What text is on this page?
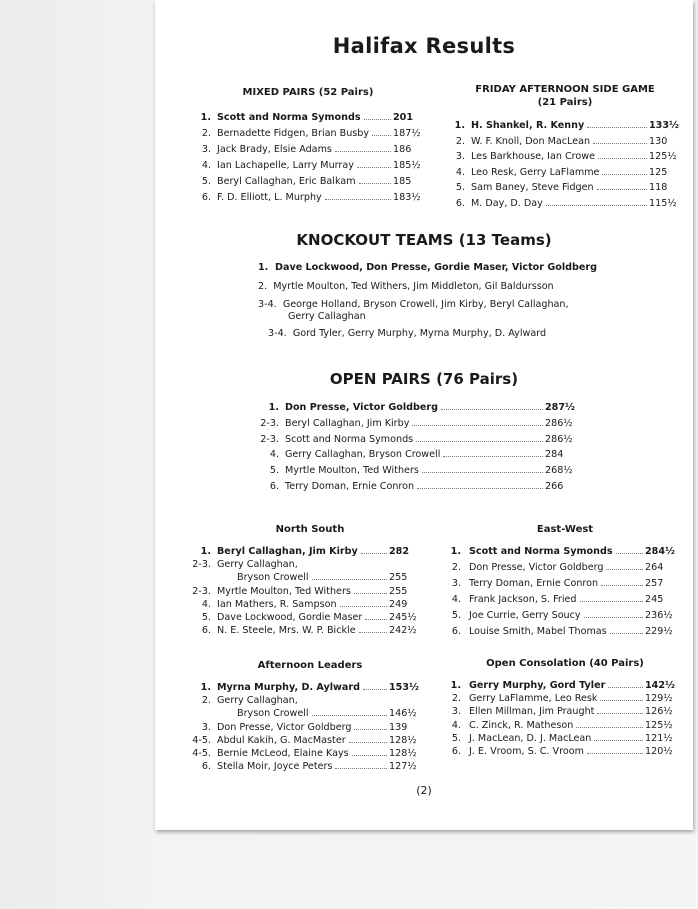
Halifax Results
MIXED PAIRS (52 Pairs)
1. Scott and Norma Symonds	201
2. Bernadette Fidgen, Brian Busby 187½
3. Jack Brady, Elsie Adams	186
4. Ian Lachapelle, Larry Murray	185½
5. Beryl Callaghan, Eric Balkam	185
6. F. D. Elliott, L. Murphy	183½
FRIDAY AFTERNOON SIDE GAME
(21 Pairs)
1. H. Shankel, R. Kenny	133½
2. W. F. Knoll, Don MacLean	130
3. Les Barkhouse, Ian Crowe	125½
4. Leo Resk, Gerry LaFlamme	125
5. Sam Baney, Steve Fidgen	118
6. M. Day, D. Day	115½
KNOCKOUT TEAMS (13 Teams)
1. Dave Lockwood, Don Presse, Gordie Maser, Victor Goldberg
2. Myrtle Moulton, Ted Withers, Jim Middleton, Gil Baldursson
3-4. George Holland, Bryson Crowell, Jim Kirby, Beryl Callaghan,
Gerry Callaghan
3-4. Gord Tyler, Gerry Murphy, Myrna Murphy, D. Aylward
OPEN PAIRS (76 Pairs)
1. Don Presse, Victor Goldberg	287½
2-3. Beryl Callaghan, Jim Kirby	286½
2-3. Scott and Norma Symonds	286½
4. Gerry Callaghan, Bryson Crowell	284
5. Myrtle Moulton, Ted Withers	268½
6. Terry Doman, Ernie Conron	266
North South
1. Beryl Callaghan, Jim Kirby	282
2-3. Gerry Callaghan,
Bryson Crowell	255
2-3. Myrtle Moulton, Ted Withers	255
4. Ian Mathers, R. Sampson	249
5. Dave Lockwood, Gordie Maser	245½
6. N. E. Steele, Mrs. W. P. Bickle	242½
East-West
1. Scott and Norma Symonds	284½
2. Don Presse, Victor Goldberg	264
3. Terry Doman, Ernie Conron	257
4. Frank Jackson, S. Fried	245
5. Joe Currie, Gerry Soucy	236½
6. Louise Smith, Mabel Thomas	229½
Afternoon Leaders
1. Myrna Murphy, D. Aylward	153½
2. Gerry Callaghan,
Bryson Crowell	146½
3. Don Presse, Victor Goldberg	139
4-5. Abdul Kakih, G. MacMaster	128½
4-5. Bernie McLeod, Elaine Kays	128½
6. Stella Moir, Joyce Peters	127½
Open Consolation (40 Pairs)
1. Gerry Murphy, Gord Tyler	142½
2. Gerry LaFlamme, Leo Resk	129½
3. Ellen Millman, Jim Praught	126½
4. C. Zinck, R. Matheson	125½
5. J. MacLean, D. J. MacLean	121½
6. J. E. Vroom, S. C. Vroom	120½
(2)
